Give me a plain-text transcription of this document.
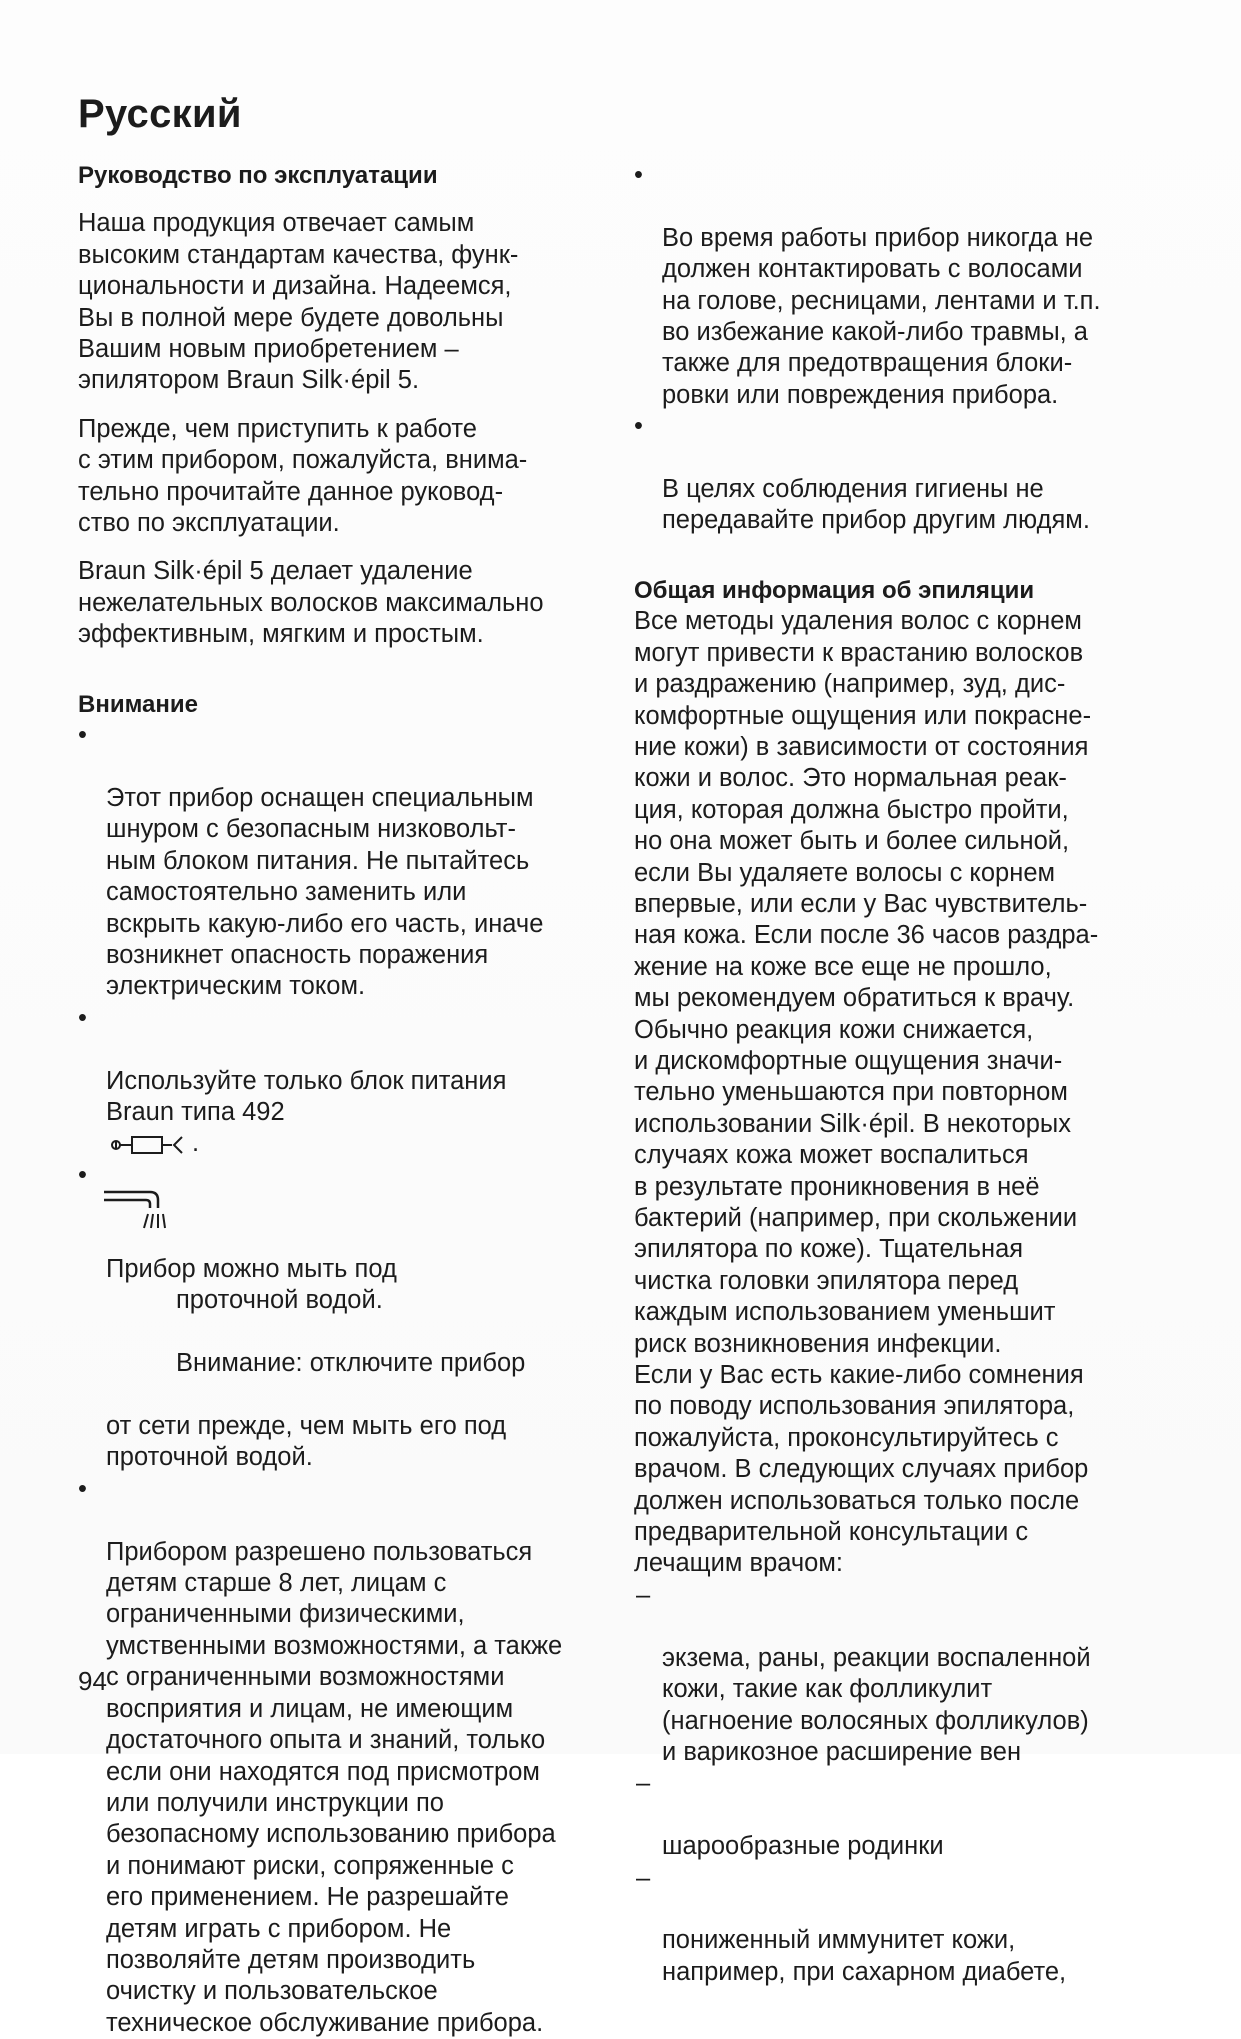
Русский

Руководство по эксплуатации

Наша продукция отвечает самым
высоким стандартам качества, функ-
циональности и дизайна. Надеемся,
Вы в полной мере будете довольны
Вашим новым приобретением –
эпилятором Braun Silk·épil 5.

Прежде, чем приступить к работе
с этим прибором, пожалуйста, внима-
тельно прочитайте данное руковод-
ство по эксплуатации.

Braun Silk·épil 5 делает удаление
нежелательных волосков максимально
эффективным, мягким и простым.

Внимание

•

Этот прибор оснащен специальным
шнуром с безопасным низковольт-
ным блоком питания. Не пытайтесь
самостоятельно заменить или
вскрыть какую-либо его часть, иначе
возникнет опасность поражения
электрическим током.

•

Используйте только блок питания
Braun типа 492
.

•

Прибор можно мыть под

проточной водой.

Внимание: отключите прибор

от сети прежде, чем мыть его под
проточной водой.

•

Прибором разрешено пользоваться
детям старше 8 лет, лицам с
ограниченными физическими,
умственными возможностями, а также
с ограниченными возможностями
восприятия и лицам, не имеющим
достаточного опыта и знаний, только
если они находятся под присмотром
или получили инструкции по
безопасному использованию прибора
и понимают риски, сопряженные с
его применением. Не разрешайте
детям играть с прибором. Не
позволяйте детям производить
очистку и пользовательское
техническое обслуживание прибора.

•

Во время работы прибор никогда не
должен контактировать с волосами
на голове, ресницами, лентами и т.п.
во избежание какой-либо травмы, а
также для предотвращения блоки-
ровки или повреждения прибора.

•

В целях соблюдения гигиены не
передавайте прибор другим людям.

Общая информация об эпиляции

Все методы удаления волос с корнем
могут привести к врастанию волосков
и раздражению (например, зуд, дис-
комфортные ощущения или покрасне-
ние кожи) в зависимости от состояния
кожи и волос. Это нормальная реак-
ция, которая должна быстро пройти,
но она может быть и более сильной,
если Вы удаляете волосы с корнем
впервые, или если у Вас чувствитель-
ная кожа. Если после 36 часов раздра-
жение на коже все еще не прошло,
мы рекомендуем обратиться к врачу.
Обычно реакция кожи снижается,
и дискомфортные ощущения значи-
тельно уменьшаются при повторном
использовании Silk·épil. В некоторых
случаях кожа может воспалиться
в результате проникновения в неё
бактерий (например, при скольжении
эпилятора по коже). Тщательная
чистка головки эпилятора перед
каждым использованием уменьшит
риск возникновения инфекции.
Если у Вас есть какие-либо сомнения
по поводу использования эпилятора,
пожалуйста, проконсультируйтесь с
врачом. В следующих случаях прибор
должен использоваться только после
предварительной консультации с
лечащим врачом:

–

экзема, раны, реакции воспаленной
кожи, такие как фолликулит
(нагноение волосяных фолликулов)
и варикозное расширение вен

–

шарообразные родинки

–

пониженный иммунитет кожи,
например, при сахарном диабете,

94
